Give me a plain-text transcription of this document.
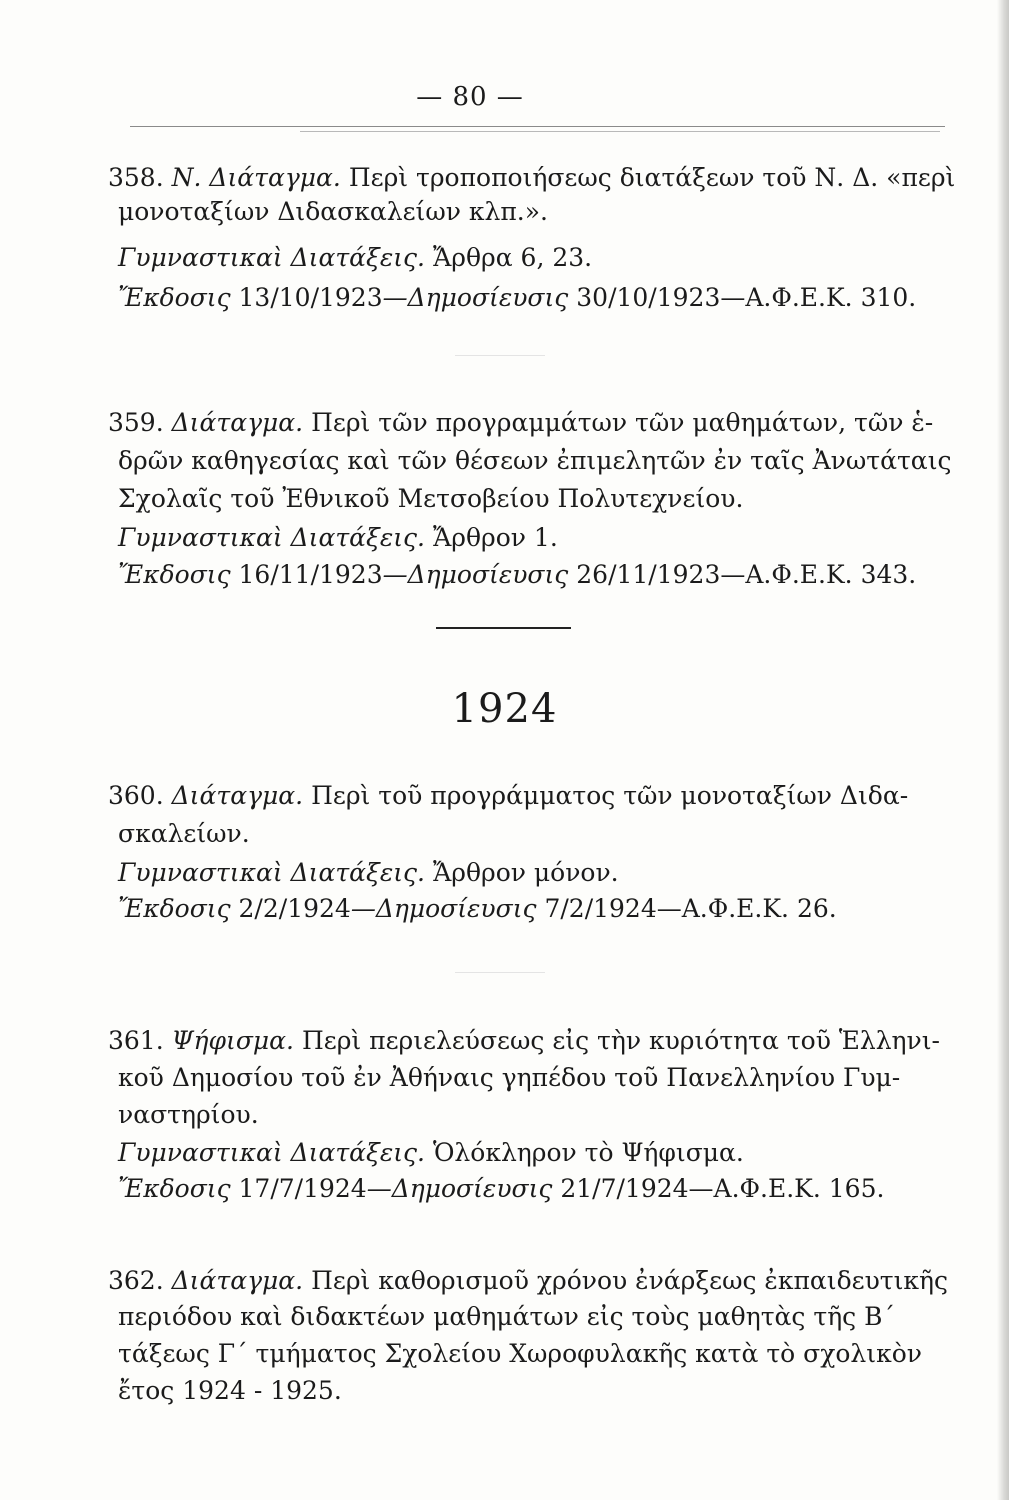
— 80 —
358. Ν. Διάταγμα. Περὶ τροποποιήσεως διατάξεων τοῦ Ν. Δ. «περὶ
μονοταξίων Διδασκαλείων κλπ.».
Γυμναστικαὶ Διατάξεις. Ἄρθρα 6, 23.
Ἔκδοσις 13/10/1923—Δημοσίευσις 30/10/1923—Α.Φ.Ε.Κ. 310.
359. Διάταγμα. Περὶ τῶν προγραμμάτων τῶν μαθημάτων, τῶν ἑ-
δρῶν καθηγεσίας καὶ τῶν θέσεων ἐπιμελητῶν ἐν ταῖς Ἀνωτάταις
Σχολαῖς τοῦ Ἐθνικοῦ Μετσοβείου Πολυτεχνείου.
Γυμναστικαὶ Διατάξεις. Ἄρθρον 1.
Ἔκδοσις 16/11/1923—Δημοσίευσις 26/11/1923—Α.Φ.Ε.Κ. 343.
1924
360. Διάταγμα. Περὶ τοῦ προγράμματος τῶν μονοταξίων Διδα-
σκαλείων.
Γυμναστικαὶ Διατάξεις. Ἄρθρον μόνον.
Ἔκδοσις 2/2/1924—Δημοσίευσις 7/2/1924—Α.Φ.Ε.Κ. 26.
361. Ψήφισμα. Περὶ περιελεύσεως εἰς τὴν κυριότητα τοῦ Ἑλληνι-
κοῦ Δημοσίου τοῦ ἐν Ἀθήναις γηπέδου τοῦ Πανελληνίου Γυμ-
ναστηρίου.
Γυμναστικαὶ Διατάξεις. Ὁλόκληρον τὸ Ψήφισμα.
Ἔκδοσις 17/7/1924—Δημοσίευσις 21/7/1924—Α.Φ.Ε.Κ. 165.
362. Διάταγμα. Περὶ καθορισμοῦ χρόνου ἐνάρξεως ἐκπαιδευτικῆς
περιόδου καὶ διδακτέων μαθημάτων εἰς τοὺς μαθητὰς τῆς Β´
τάξεως Γ´ τμήματος Σχολείου Χωροφυλακῆς κατὰ τὸ σχολικὸν
ἔτος 1924 - 1925.
